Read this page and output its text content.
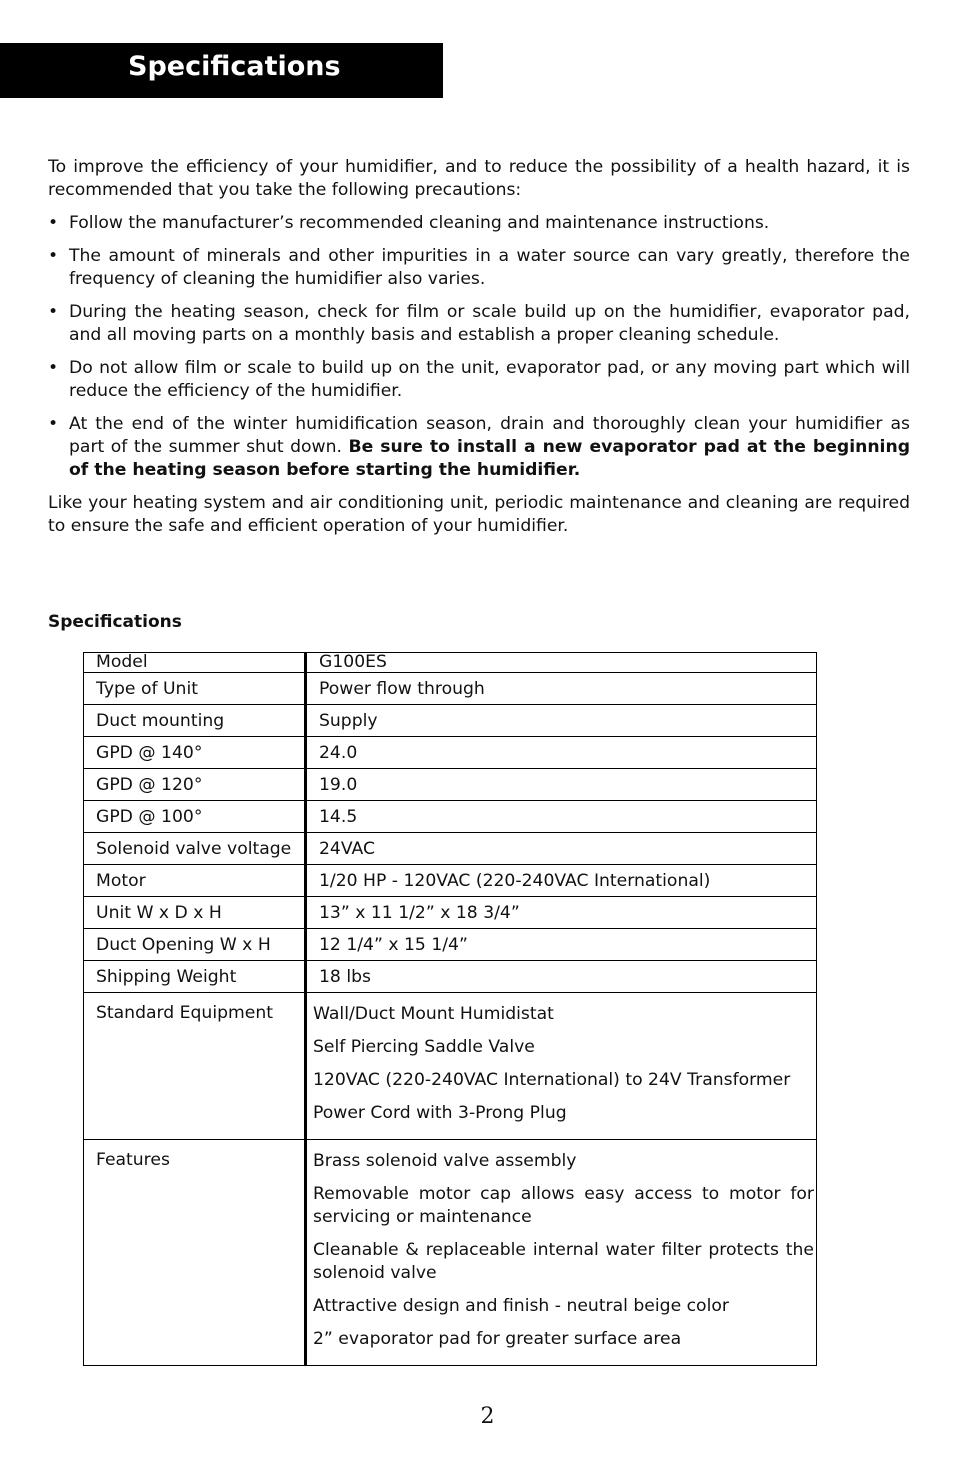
Specifications

To improve the efficiency of your humidifier, and to reduce the possibility of a health hazard, it is recommended that you take the following precautions:

• Follow the manufacturer’s recommended cleaning and maintenance instructions.
• The amount of minerals and other impurities in a water source can vary greatly, therefore the frequency of cleaning the humidifier also varies.
• During the heating season, check for film or scale build up on the humidifier, evaporator pad, and all moving parts on a monthly basis and establish a proper cleaning schedule.
• Do not allow film or scale to build up on the unit, evaporator pad, or any moving part which will reduce the efficiency of the humidifier.
• At the end of the winter humidification season, drain and thoroughly clean your humidifier as part of the summer shut down. Be sure to install a new evaporator pad at the beginning of the heating season before starting the humidifier.

Like your heating system and air conditioning unit, periodic maintenance and cleaning are required to ensure the safe and efficient operation of your humidifier.

Specifications
Model	G100ES
Type of Unit	Power flow through
Duct mounting	Supply
GPD @ 140°	24.0
GPD @ 120°	19.0
GPD @ 100°	14.5
Solenoid valve voltage	24VAC
Motor	1/20 HP - 120VAC (220-240VAC International)
Unit W x D x H	13” x 11 1/2” x 18 3/4”
Duct Opening W x H	12 1/4” x 15 1/4”
Shipping Weight	18 lbs
Standard Equipment	Wall/Duct Mount Humidistat
Self Piercing Saddle Valve
120VAC (220-240VAC International) to 24V Transformer
Power Cord with 3-Prong Plug

Features	Brass solenoid valve assembly
Removable motor cap allows easy access to motor for servicing or maintenance
Cleanable & replaceable internal water filter protects the solenoid valve
Attractive design and finish - neutral beige color
2” evaporator pad for greater surface area
2
